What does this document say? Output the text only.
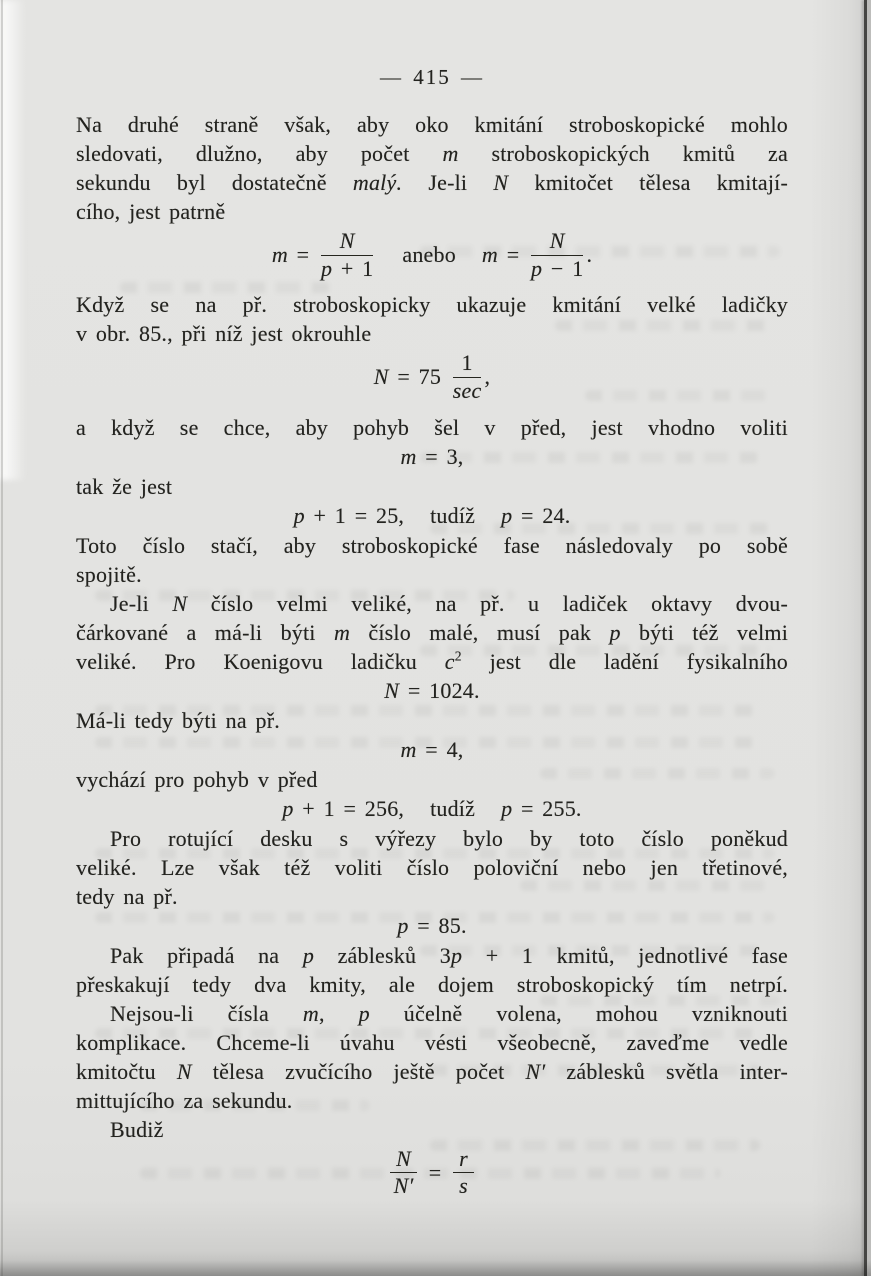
— 415 —
Na druhé straně však, aby oko kmitání stroboskopické mohlo
sledovati, dlužno, aby počet m stroboskopických kmitů za
sekundu byl dostatečně malý. Je-li N kmitočet tělesa kmitají-
cího, jest patrně
$m = \frac{N}{p + 1}$ anebo $m = \frac{N}{p - 1}$ .
Když se na př. stroboskopicky ukazuje kmitání velké ladičky
v obr. 85., při níž jest okrouhle
$N = 75 \frac{1}{\sec}$ ,
a když se chce, aby pohyb šel v před, jest vhodno voliti
m = 3,
tak že jest
p + 1 = 25, tudíž p = 24.
Toto číslo stačí, aby stroboskopické fase následovaly po sobě
spojitě.
Je-li N číslo velmi veliké, na př. u ladiček oktavy dvou-
čárkované a má-li býti m číslo malé, musí pak p býti též velmi
veliké. Pro Koenigovu ladičku $c^2$ jest dle ladění fysikalního
N = 1024.
Má-li tedy býti na př.
m = 4,
vychází pro pohyb v před
p + 1 = 256, tudíž p = 255.
Pro rotující desku s výřezy bylo by toto číslo poněkud
veliké. Lze však též voliti číslo poloviční nebo jen třetinové,
tedy na př.
p = 85.
Pak připadá na p záblesků 3p + 1 kmitů, jednotlivé fase
přeskakují tedy dva kmity, ale dojem stroboskopický tím netrpí.
Nejsou-li čísla m, p účelně volena, mohou vzniknouti
komplikace. Chceme-li úvahu vésti všeobecně, zaveďme vedle
kmitočtu N tělesa zvučícího ještě počet N′ záblesků světla inter-
mittujícího za sekundu.
Budiž
$\frac{N}{N'} = \frac{r}{s}$
